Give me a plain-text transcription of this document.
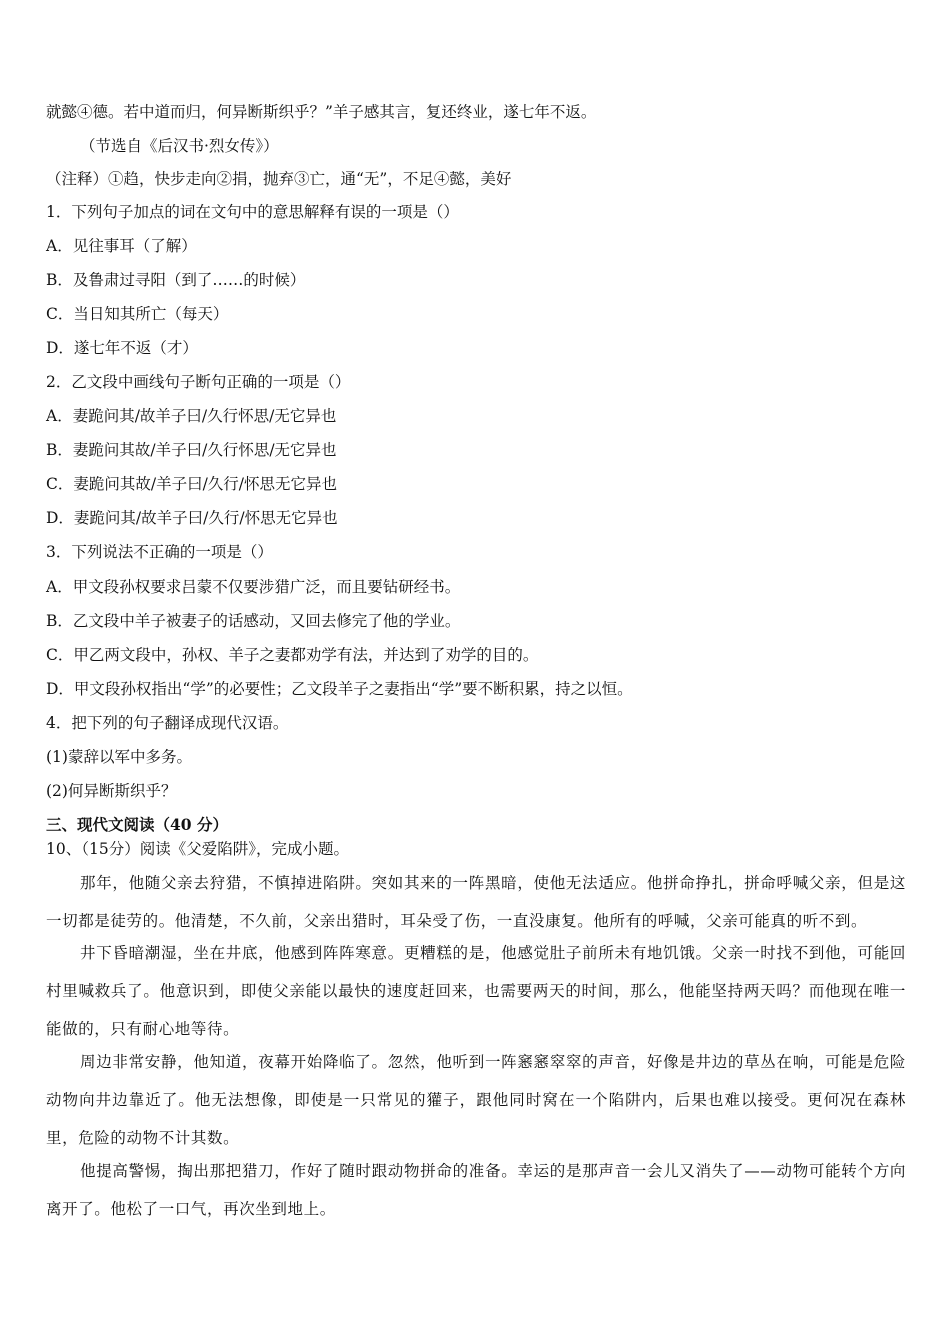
就懿④德。若中道而归，何异断斯织乎？”羊子感其言，复还终业，遂七年不返。
（节选自《后汉书·烈女传》）
（注释）①趋，快步走向②捐，抛弃③亡，通“无”，不足④懿，美好
1．下列句子加点的词在文句中的意思解释有误的一项是（）
A．见往事耳（了解）
B．及鲁肃过寻阳（到了……的时候）
C．当日知其所亡（每天）
D．遂七年不返（才）
2．乙文段中画线句子断句正确的一项是（）
A．妻跪问其/故羊子曰/久行怀思/无它异也
B．妻跪问其故/羊子曰/久行怀思/无它异也
C．妻跪问其故/羊子曰/久行/怀思无它异也
D．妻跪问其/故羊子曰/久行/怀思无它异也
3．下列说法不正确的一项是（）
A．甲文段孙权要求吕蒙不仅要涉猎广泛，而且要钻研经书。
B．乙文段中羊子被妻子的话感动，又回去修完了他的学业。
C．甲乙两文段中，孙权、羊子之妻都劝学有法，并达到了劝学的目的。
D．甲文段孙权指出“学”的必要性；乙文段羊子之妻指出“学”要不断积累，持之以恒。
4．把下列的句子翻译成现代汉语。
(1)蒙辞以军中多务。
(2)何异断斯织乎？
三、现代文阅读（40 分）
10、（15分）阅读《父爱陷阱》，完成小题。
那年，他随父亲去狩猎，不慎掉进陷阱。突如其来的一阵黑暗，使他无法适应。他拼命挣扎，拼命呼喊父亲，但是这一切都是徒劳的。他清楚，不久前，父亲出猎时，耳朵受了伤，一直没康复。他所有的呼喊，父亲可能真的听不到。
井下昏暗潮湿，坐在井底，他感到阵阵寒意。更糟糕的是，他感觉肚子前所未有地饥饿。父亲一时找不到他，可能回村里喊救兵了。他意识到，即使父亲能以最快的速度赶回来，也需要两天的时间，那么，他能坚持两天吗？而他现在唯一能做的，只有耐心地等待。
周边非常安静，他知道，夜幕开始降临了。忽然，他听到一阵窸窸窣窣的声音，好像是井边的草丛在响，可能是危险动物向井边靠近了。他无法想像，即使是一只常见的獾子，跟他同时窝在一个陷阱内，后果也难以接受。更何况在森林里，危险的动物不计其数。
他提高警惕，掏出那把猎刀，作好了随时跟动物拼命的准备。幸运的是那声音一会儿又消失了——动物可能转个方向离开了。他松了一口气，再次坐到地上。
